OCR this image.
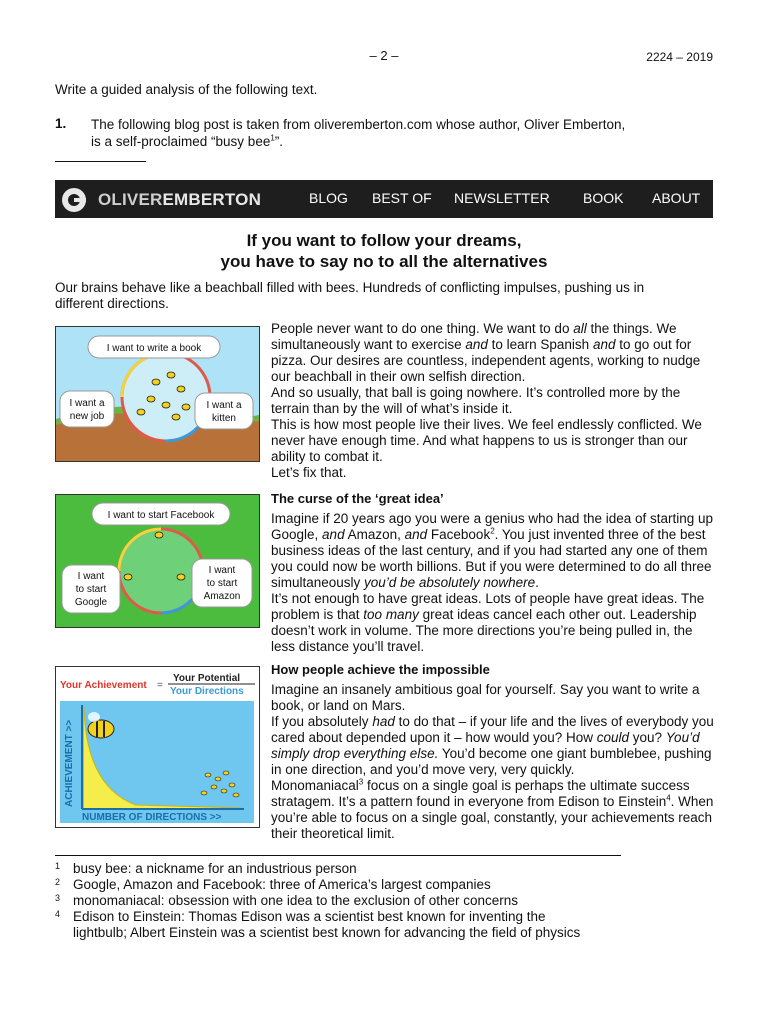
– 2 –	2224 – 2019
Write a guided analysis of the following text.
1. The following blog post is taken from oliveremberton.com whose author, Oliver Emberton,
is a self-proclaimed “busy bee$^1$”.
OLIVEREMBERTON	BLOG BEST OF NEWSLETTER BOOK ABOUT
If you want to follow your dreams,
you have to say no to all the alternatives
Our brains behave like a beachball filled with bees. Hundreds of conflicting impulses, pushing us in different directions.
I want to write a book
I want a
new job
I want a
kitten
I want to start Facebook
I want
to start
Google
I want
to start
Amazon
Your Achievement =
Your Potential
Your Directions
ACHIEVEMENT >>
NUMBER OF DIRECTIONS >>

People never want to do one thing. We want to do all the things. We simultaneously want to exercise and to learn Spanish and to go out for pizza. Our desires are countless, independent agents, working to nudge our beachball in their own selfish direction.

And so usually, that ball is going nowhere. It’s controlled more by the terrain than by the will of what’s inside it.

This is how most people live their lives. We feel endlessly conflicted. We never have enough time. And what happens to us is stronger than our ability to combat it.

Let’s fix that.

The curse of the ‘great idea’

Imagine if 20 years ago you were a genius who had the idea of starting up Google, and Amazon, and Facebook$^2$. You just invented three of the best business ideas of the last century, and if you had started any one of them you could now be worth billions. But if you were determined to do all three simultaneously you’d be absolutely nowhere.

It’s not enough to have great ideas. Lots of people have great ideas. The problem is that too many great ideas cancel each other out. Leadership doesn’t work in volume. The more directions you’re being pulled in, the less distance you’ll travel.

How people achieve the impossible

Imagine an insanely ambitious goal for yourself. Say you want to write a book, or land on Mars.

If you absolutely had to do that – if your life and the lives of everybody you cared about depended upon it – how would you? How could you? You’d simply drop everything else. You’d become one giant bumblebee, pushing in one direction, and you’d move very, very quickly.

Monomaniacal$^3$ focus on a single goal is perhaps the ultimate success stratagem. It’s a pattern found in everyone from Edison to Einstein$^4$. When you’re able to focus on a single goal, constantly, your achievements reach their theoretical limit.

1 busy bee: a nickname for an industrious person
2 Google, Amazon and Facebook: three of America’s largest companies
3 monomaniacal: obsession with one idea to the exclusion of other concerns
4 Edison to Einstein: Thomas Edison was a scientist best known for inventing the
lightbulb; Albert Einstein was a scientist best known for advancing the field of physics
